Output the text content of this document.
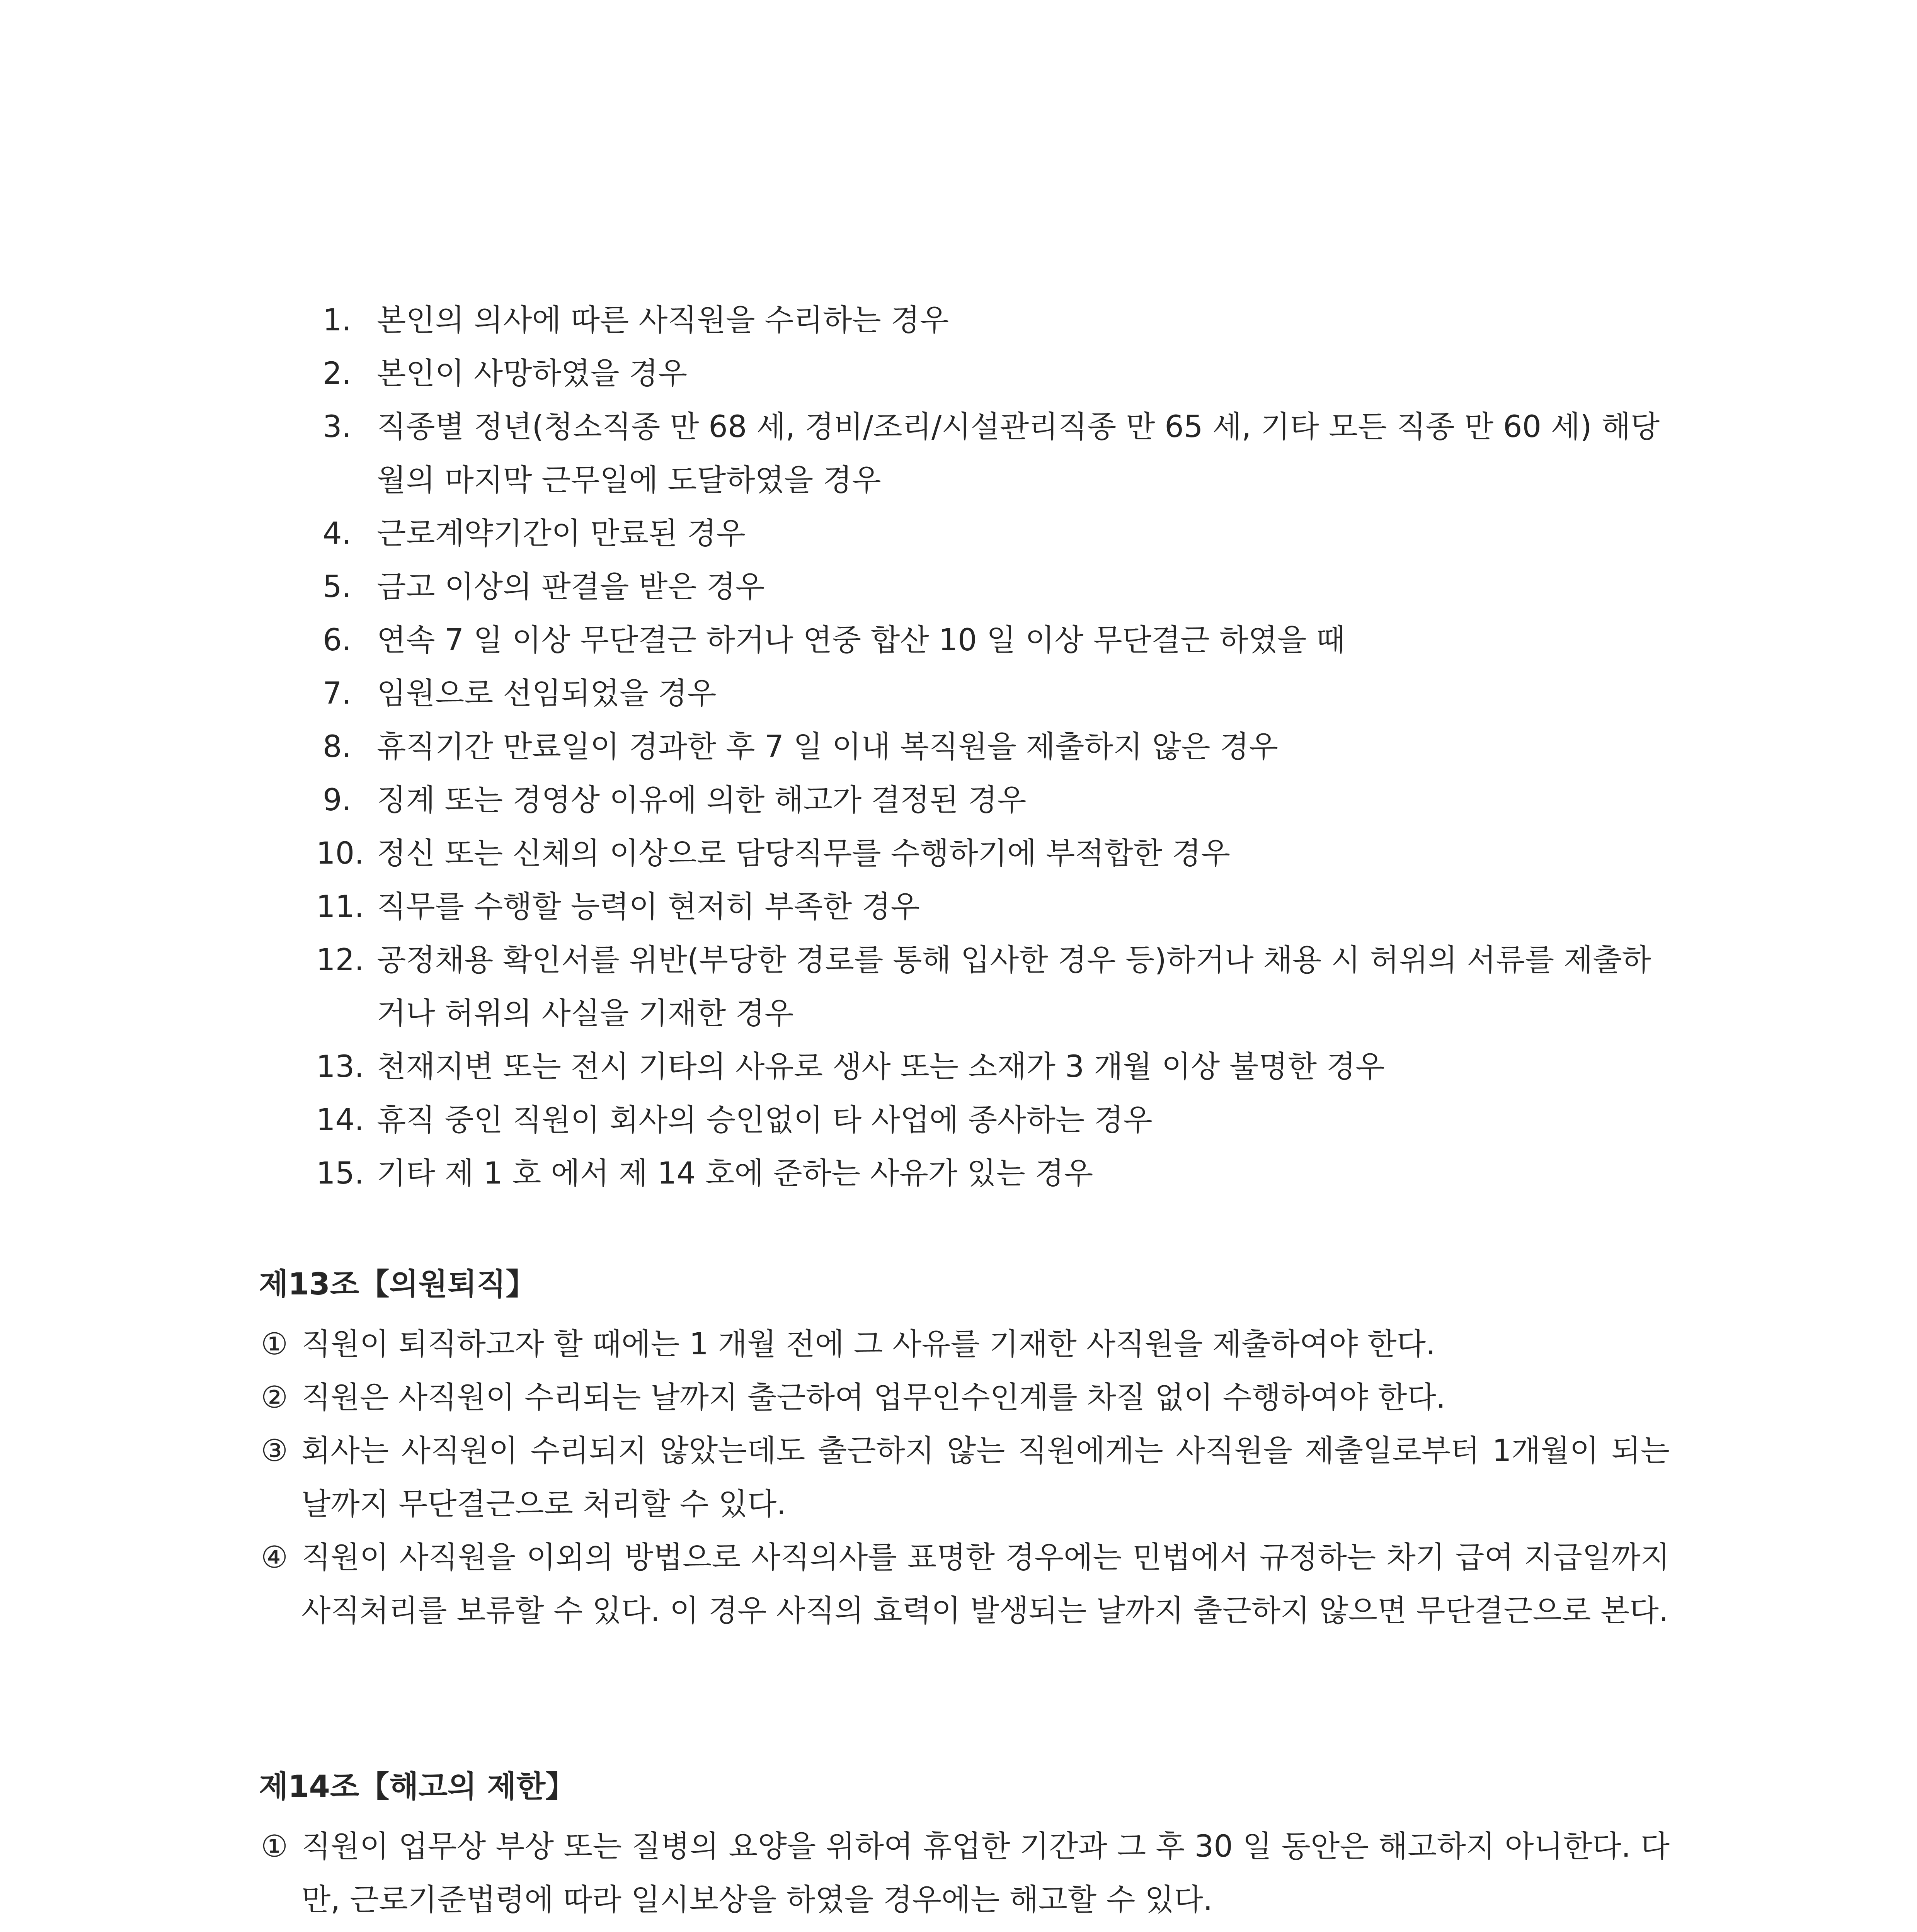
1. 본인의 의사에 따른 사직원을 수리하는 경우
2. 본인이 사망하였을 경우
3. 직종별 정년(청소직종 만 68 세, 경비/조리/시설관리직종 만 65 세, 기타 모든 직종 만 60 세) 해당 월의 마지막 근무일에 도달하였을 경우
4. 근로계약기간이 만료된 경우
5. 금고 이상의 판결을 받은 경우
6. 연속 7 일 이상 무단결근 하거나 연중 합산 10 일 이상 무단결근 하였을 때
7. 임원으로 선임되었을 경우
8. 휴직기간 만료일이 경과한 후 7 일 이내 복직원을 제출하지 않은 경우
9. 징계 또는 경영상 이유에 의한 해고가 결정된 경우
10. 정신 또는 신체의 이상으로 담당직무를 수행하기에 부적합한 경우
11. 직무를 수행할 능력이 현저히 부족한 경우
12. 공정채용 확인서를 위반(부당한 경로를 통해 입사한 경우 등)하거나 채용 시 허위의 서류를 제출하거나 허위의 사실을 기재한 경우
13. 천재지변 또는 전시 기타의 사유로 생사 또는 소재가 3 개월 이상 불명한 경우
14. 휴직 중인 직원이 회사의 승인없이 타 사업에 종사하는 경우
15. 기타 제 1 호 에서 제 14 호에 준하는 사유가 있는 경우
제13조【의원퇴직】
① 직원이 퇴직하고자 할 때에는 1 개월 전에 그 사유를 기재한 사직원을 제출하여야 한다.
② 직원은 사직원이 수리되는 날까지 출근하여 업무인수인계를 차질 없이 수행하여야 한다.
③ 회사는 사직원이 수리되지 않았는데도 출근하지 않는 직원에게는 사직원을 제출일로부터 1개월이 되는 날까지 무단결근으로 처리할 수 있다.
④ 직원이 사직원을 이외의 방법으로 사직의사를 표명한 경우에는 민법에서 규정하는 차기 급여 지급일까지 사직처리를 보류할 수 있다. 이 경우 사직의 효력이 발생되는 날까지 출근하지 않으면 무단결근으로 본다.
제14조【해고의 제한】
① 직원이 업무상 부상 또는 질병의 요양을 위하여 휴업한 기간과 그 후 30 일 동안은 해고하지 아니한다. 다만, 근로기준법령에 따라 일시보상을 하였을 경우에는 해고할 수 있다.
